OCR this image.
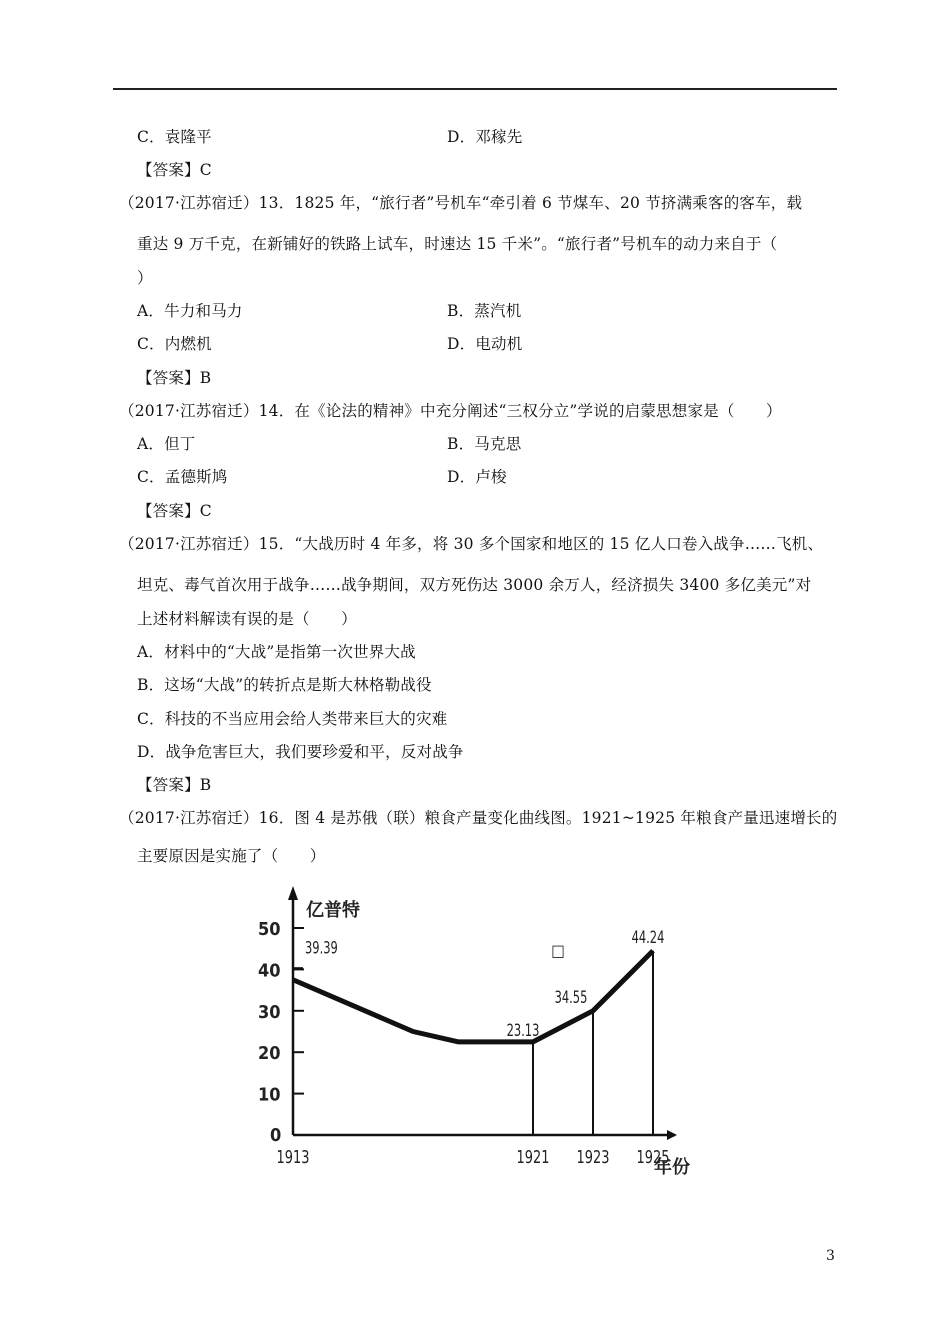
C．袁隆平	D．邓稼先
【答案】C
（2017·江苏宿迁）13．1825 年，“旅行者”号机车“牵引着 6 节煤车、20 节挤满乘客的客车，载
重达 9 万千克，在新铺好的铁路上试车，时速达 15 千米”。“旅行者”号机车的动力来自于（
）
A．牛力和马力	B．蒸汽机
C．内燃机	D．电动机
【答案】B
（2017·江苏宿迁）14．在《论法的精神》中充分阐述“三权分立”学说的启蒙思想家是（　　）
A．但丁	B．马克思
C．孟德斯鸠	D．卢梭
【答案】C
（2017·江苏宿迁）15．“大战历时 4 年多，将 30 多个国家和地区的 15 亿人口卷入战争……飞机、
坦克、毒气首次用于战争……战争期间，双方死伤达 3000 余万人，经济损失 3400 多亿美元”对
上述材料解读有误的是（　　）
A．材料中的“大战”是指第一次世界大战
B．这场“大战”的转折点是斯大林格勒战役
C．科技的不当应用会给人类带来巨大的灾难
D．战争危害巨大，我们要珍爱和平，反对战争
【答案】B
（2017·江苏宿迁）16．图 4 是苏俄（联）粮食产量变化曲线图。1921~1925 年粮食产量迅速增长的
主要原因是实施了（　　）
0
10
20
30
40
50
亿普特
年份
1913	1921 1923 1925
39.39
23.13
34.55
44.24
□
3
